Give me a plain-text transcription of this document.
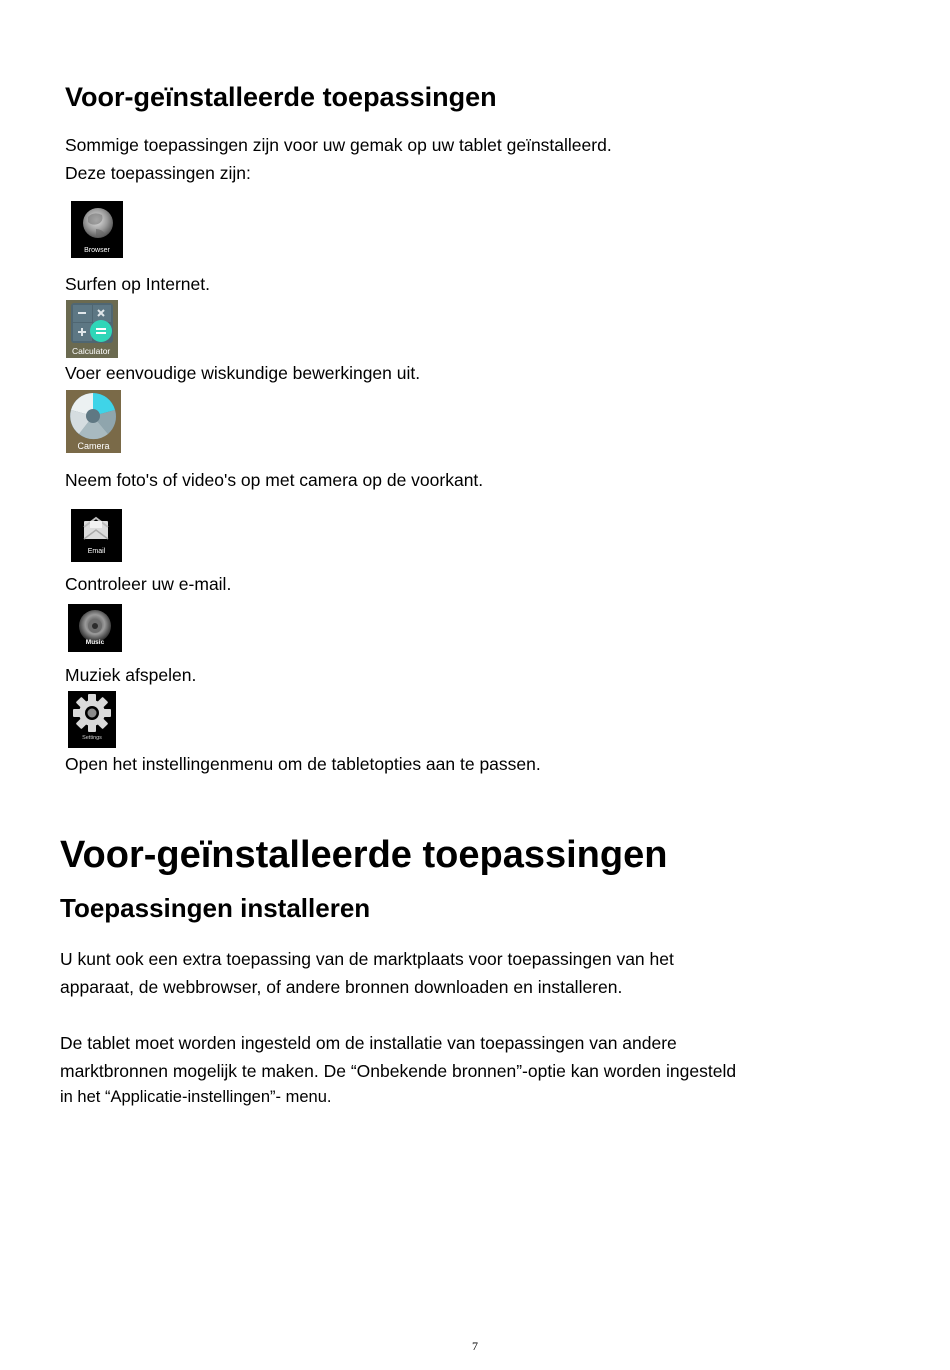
Voor-geïnstalleerde toepassingen
Sommige toepassingen zijn voor uw gemak op uw tablet geïnstalleerd.
Deze toepassingen zijn:
Browser
Surfen op Internet.
Calculator
Voer eenvoudige wiskundige bewerkingen uit.
Camera
Neem foto's of video's op met camera op de voorkant.
Email
Controleer uw e-mail.
Music
Muziek afspelen.
Settings
Open het instellingenmenu om de tabletopties aan te passen.
Voor-geïnstalleerde toepassingen
Toepassingen installeren
U kunt ook een extra toepassing van de marktplaats voor toepassingen van het
apparaat, de webbrowser, of andere bronnen downloaden en installeren.
De tablet moet worden ingesteld om de installatie van toepassingen van andere
marktbronnen mogelijk te maken. De “Onbekende bronnen”-optie kan worden ingesteld
in het “Applicatie-instellingen”- menu.
7
